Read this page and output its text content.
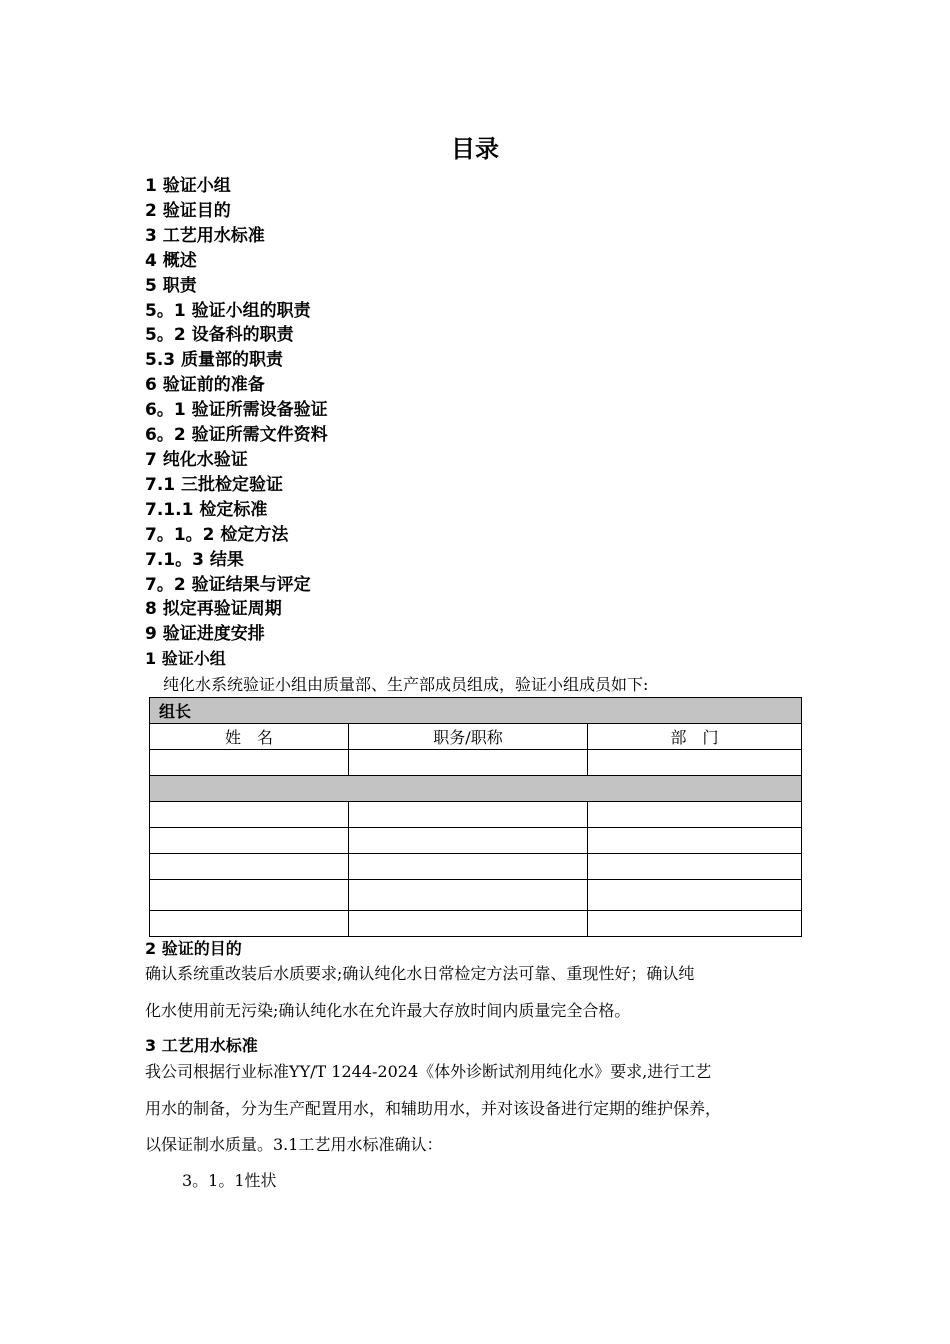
目录
1 验证小组
2 验证目的
3 工艺用水标准
4 概述
5 职责
5。1 验证小组的职责
5。2 设备科的职责
5.3 质量部的职责
6 验证前的准备
6。1 验证所需设备验证
6。2 验证所需文件资料
7 纯化水验证
7.1 三批检定验证
7.1.1 检定标准
7。1。2 检定方法
7.1。3 结果
7。2 验证结果与评定
8 拟定再验证周期
9 验证进度安排
1 验证小组
纯化水系统验证小组由质量部、生产部成员组成，验证小组成员如下:
组长		
姓　名	职务/职称	部　门

2 验证的目的
确认系统重改装后水质要求;确认纯化水日常检定方法可靠、重现性好；确认纯
化水使用前无污染;确认纯化水在允许最大存放时间内质量完全合格。
3 工艺用水标准
我公司根据行业标准YY/T 1244-2024《体外诊断试剂用纯化水》要求,进行工艺
用水的制备，分为生产配置用水，和辅助用水，并对该设备进行定期的维护保养，
以保证制水质量。3.1工艺用水标准确认：
3。1。1性状
